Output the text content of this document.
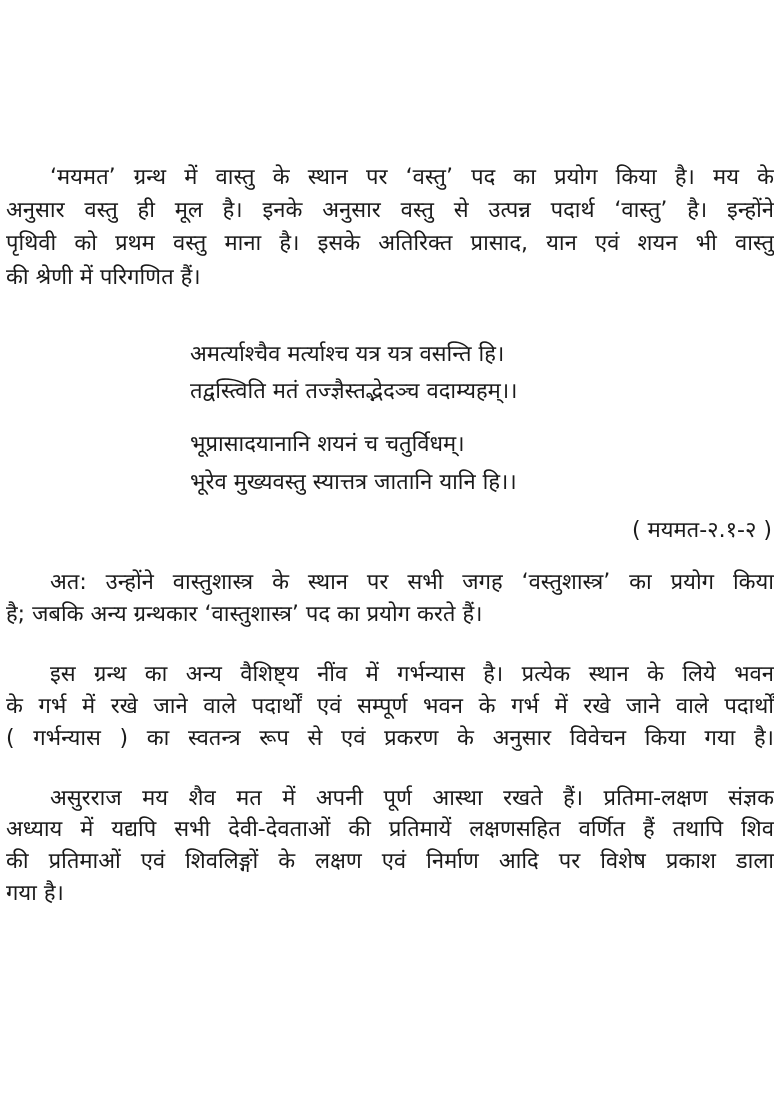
‘मयमत’ ग्रन्थ में वास्तु के स्थान पर ‘वस्तु’ पद का प्रयोग किया है। मय के
अनुसार वस्तु ही मूल है। इनके अनुसार वस्तु से उत्पन्न पदार्थ ‘वास्तु’ है। इन्होंने
पृथिवी को प्रथम वस्तु माना है। इसके अतिरिक्त प्रासाद, यान एवं शयन भी वास्तु
की श्रेणी में परिगणित हैं।
अमर्त्याश्चैव मर्त्याश्च यत्र यत्र वसन्ति हि।
तद्वस्त्विति मतं तज्ज्ञैस्तद्भेदञ्च वदाम्यहम्।।
भूप्रासादयानानि शयनं च चतुर्विधम्।
भूरेव मुख्यवस्तु स्यात्तत्र जातानि यानि हि।।
( मयमत-२.१-२ )
अत: उन्होंने वास्तुशास्त्र के स्थान पर सभी जगह ‘वस्तुशास्त्र’ का प्रयोग किया
है; जबकि अन्य ग्रन्थकार ‘वास्तुशास्त्र’ पद का प्रयोग करते हैं।
इस ग्रन्थ का अन्य वैशिष्ट्य नींव में गर्भन्यास है। प्रत्येक स्थान के लिये भवन
के गर्भ में रखे जाने वाले पदार्थों एवं सम्पूर्ण भवन के गर्भ में रखे जाने वाले पदार्थों
( गर्भन्यास ) का स्वतन्त्र रूप से एवं प्रकरण के अनुसार विवेचन किया गया है।
असुरराज मय शैव मत में अपनी पूर्ण आस्था रखते हैं। प्रतिमा-लक्षण संज्ञक
अध्याय में यद्यपि सभी देवी-देवताओं की प्रतिमायें लक्षणसहित वर्णित हैं तथापि शिव
की प्रतिमाओं एवं शिवलिङ्गों के लक्षण एवं निर्माण आदि पर विशेष प्रकाश डाला
गया है।
